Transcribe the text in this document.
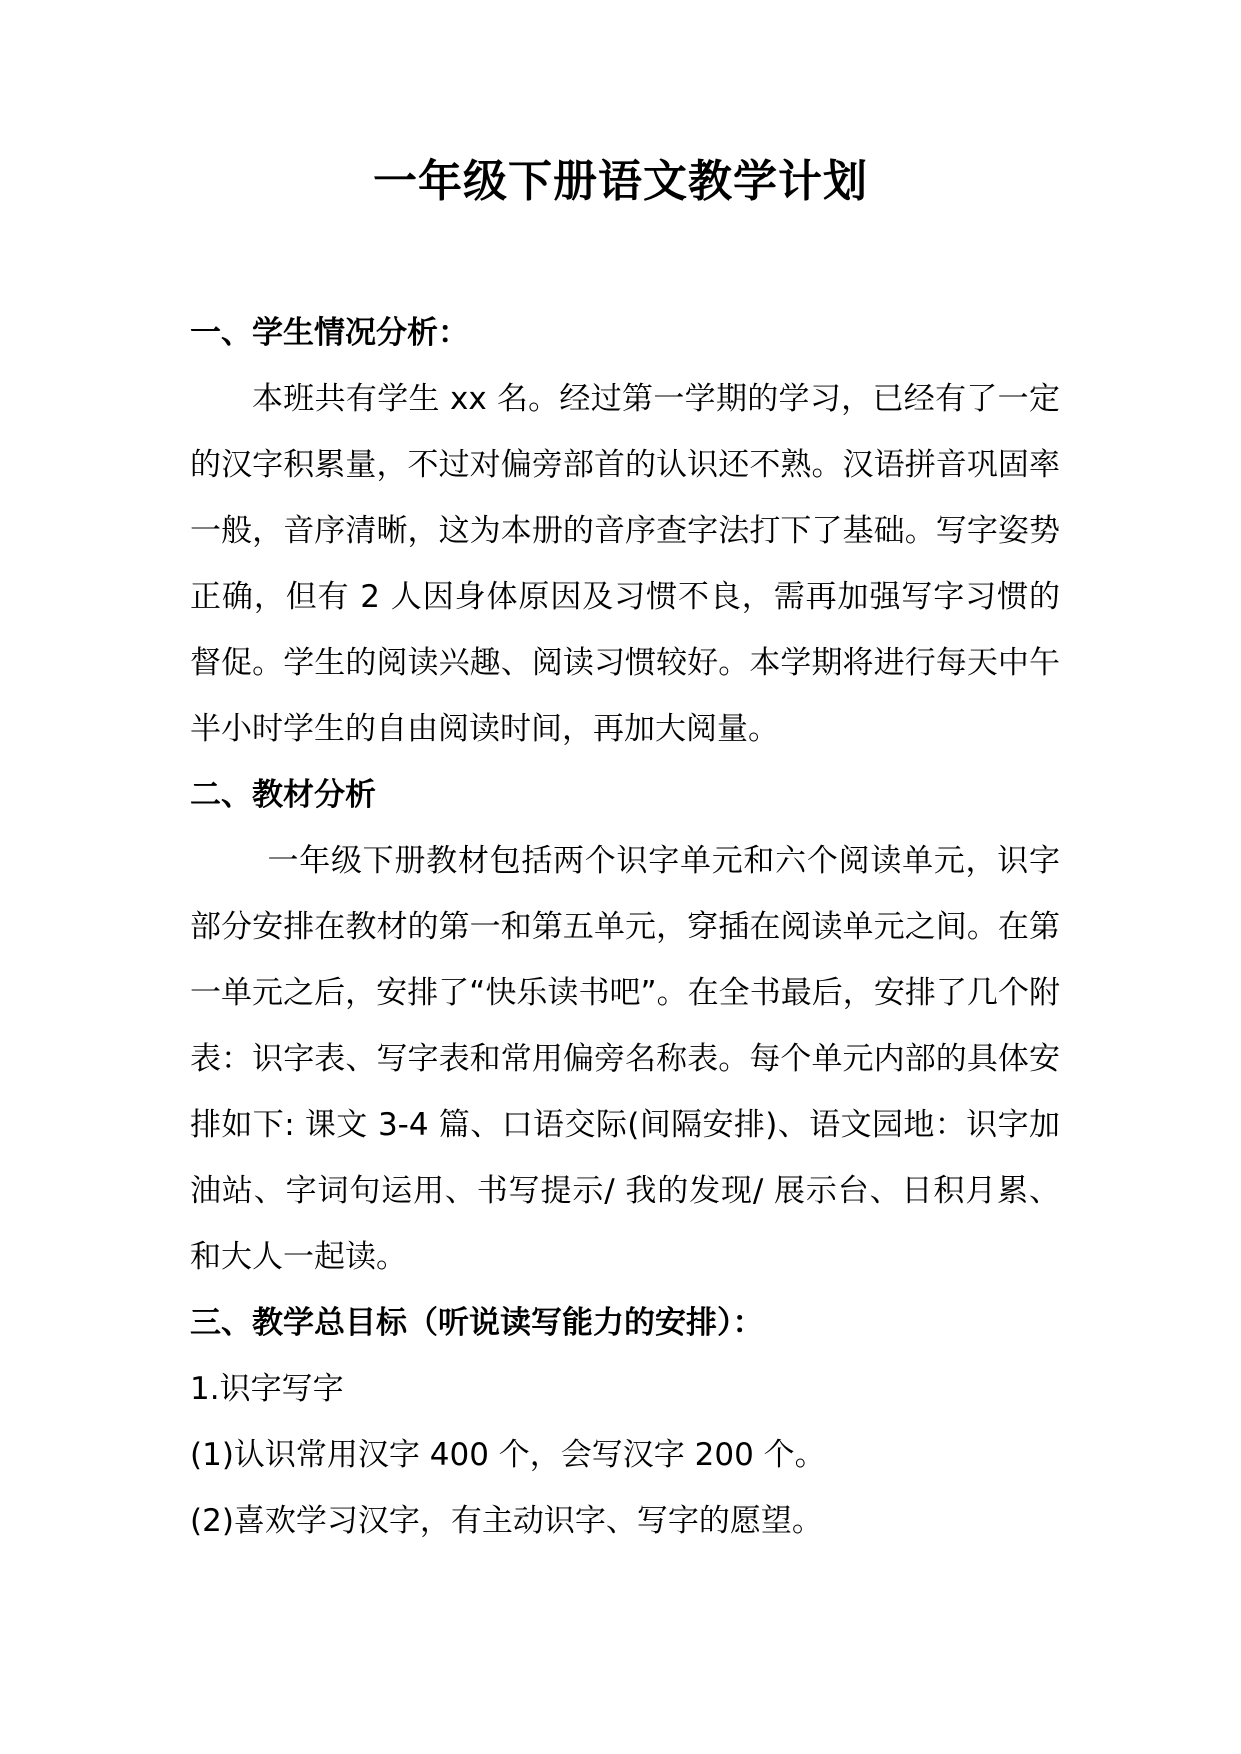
一年级下册语文教学计划

一、学生情况分析：

本班共有学生 xx 名。经过第一学期的学习，已经有了一定的汉字积累量，不过对偏旁部首的认识还不熟。汉语拼音巩固率一般，音序清晰，这为本册的音序查字法打下了基础。写字姿势正确，但有 2 人因身体原因及习惯不良，需再加强写字习惯的督促。学生的阅读兴趣、阅读习惯较好。本学期将进行每天中午半小时学生的自由阅读时间，再加大阅量。

二、教材分析

一年级下册教材包括两个识字单元和六个阅读单元，识字部分安排在教材的第一和第五单元，穿插在阅读单元之间。在第一单元之后，安排了“快乐读书吧”。在全书最后，安排了几个附表：识字表、写字表和常用偏旁名称表。每个单元内部的具体安排如下: 课文 3-4 篇、口语交际(间隔安排)、语文园地：识字加油站、字词句运用、书写提示/ 我的发现/ 展示台、日积月累、和大人一起读。

三、教学总目标（听说读写能力的安排）：

1.识字写字

(1)认识常用汉字 400 个，会写汉字 200 个。

(2)喜欢学习汉字，有主动识字、写字的愿望。
